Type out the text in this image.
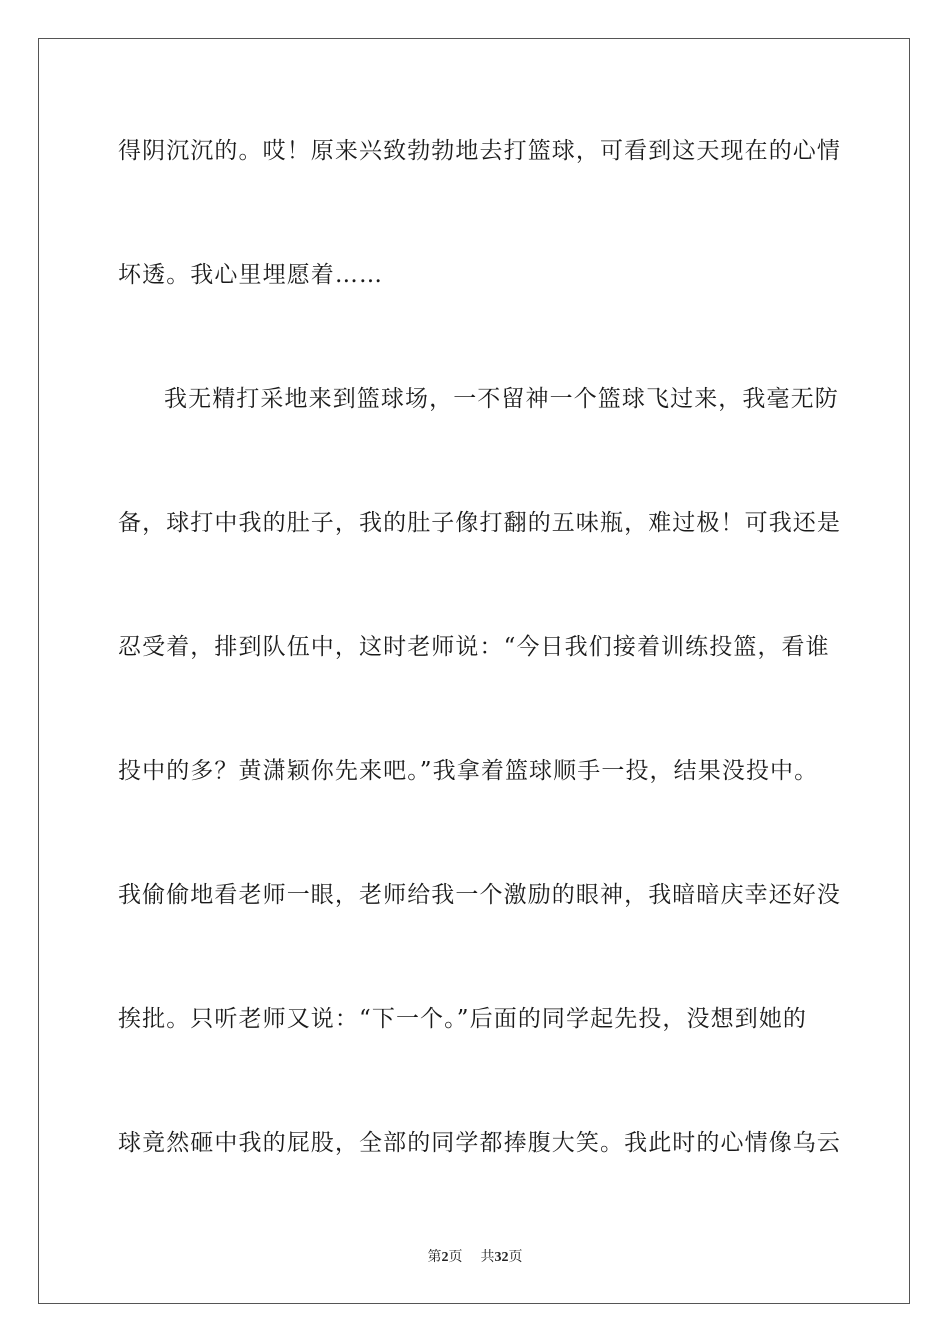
得阴沉沉的。哎！原来兴致勃勃地去打篮球，可看到这天现在的心情
坏透。我心里埋愿着……
我无精打采地来到篮球场，一不留神一个篮球飞过来，我毫无防
备，球打中我的肚子，我的肚子像打翻的五味瓶，难过极！可我还是
忍受着，排到队伍中，这时老师说：“今日我们接着训练投篮，看谁
投中的多？黄潇颖你先来吧。”我拿着篮球顺手一投，结果没投中。
我偷偷地看老师一眼，老师给我一个激励的眼神，我暗暗庆幸还好没
挨批。只听老师又说：“下一个。”后面的同学起先投，没想到她的
球竟然砸中我的屁股，全部的同学都捧腹大笑。我此时的心情像乌云
第2页 共32页
